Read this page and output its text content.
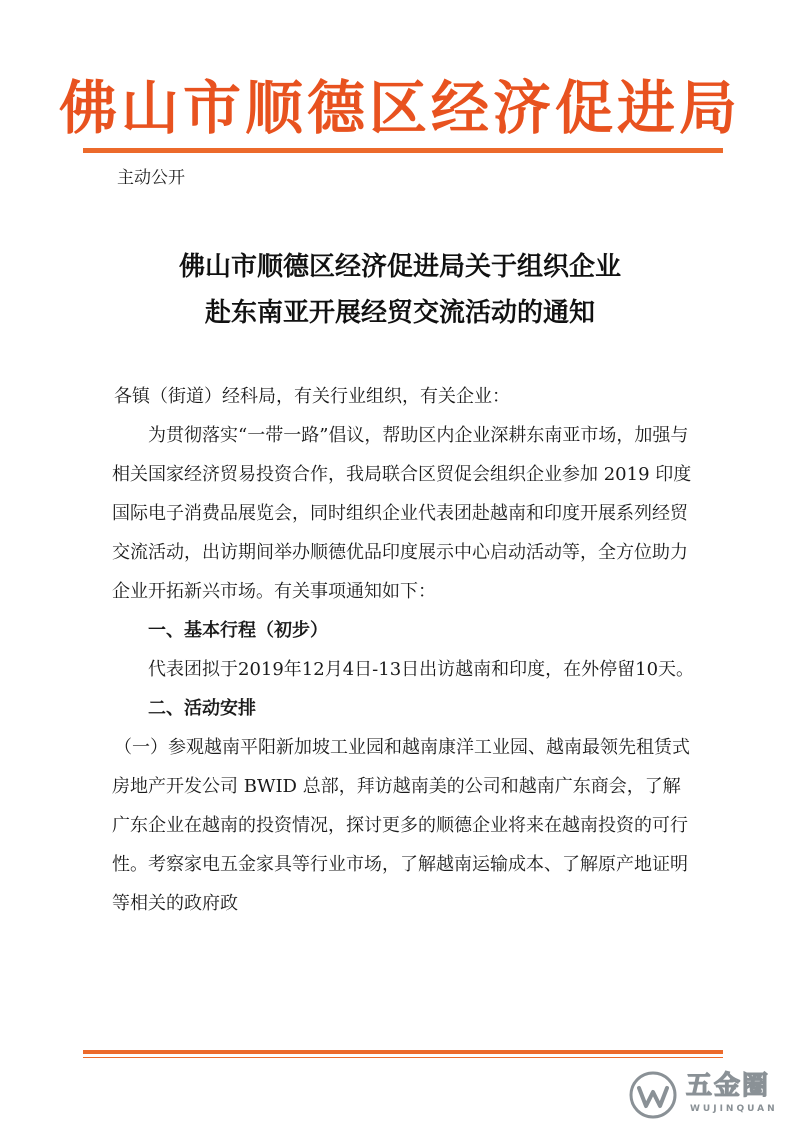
佛山市顺德区经济促进局
主动公开
佛山市顺德区经济促进局关于组织企业
赴东南亚开展经贸交流活动的通知

各镇（街道）经科局，有关行业组织，有关企业：

为贯彻落实“一带一路”倡议，帮助区内企业深耕东南亚市场，加强与相关国家经济贸易投资合作，我局联合区贸促会组织企业参加 2019 印度国际电子消费品展览会，同时组织企业代表团赴越南和印度开展系列经贸交流活动，出访期间举办顺德优品印度展示中心启动活动等，全方位助力企业开拓新兴市场。有关事项通知如下：

一、基本行程（初步）

代表团拟于2019年12月4日-13日出访越南和印度，在外停留10天。

二、活动安排

（一）参观越南平阳新加坡工业园和越南康洋工业园、越南最领先租赁式房地产开发公司 BWID 总部，拜访越南美的公司和越南广东商会，了解广东企业在越南的投资情况，探讨更多的顺德企业将来在越南投资的可行性。考察家电五金家具等行业市场，了解越南运输成本、了解原产地证明等相关的政府政

五金圈
WUJINQUAN
